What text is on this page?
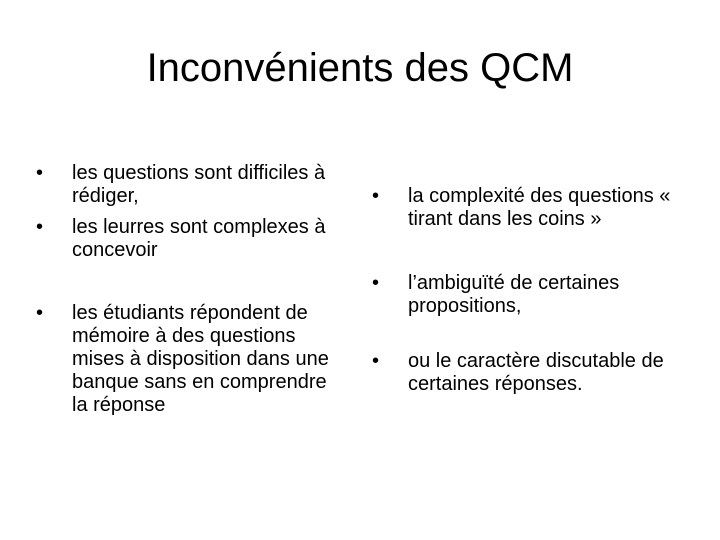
Inconvénients des QCM

•	les questions sont difficiles à rédiger,

•	les leurres sont complexes à concevoir

•	les étudiants répondent de mémoire à des questions mises à disposition dans une banque sans en comprendre la réponse

•	la complexité des questions « tirant dans les coins »

•	l’ambiguïté de certaines propositions,

•	ou le caractère discutable de certaines réponses.
